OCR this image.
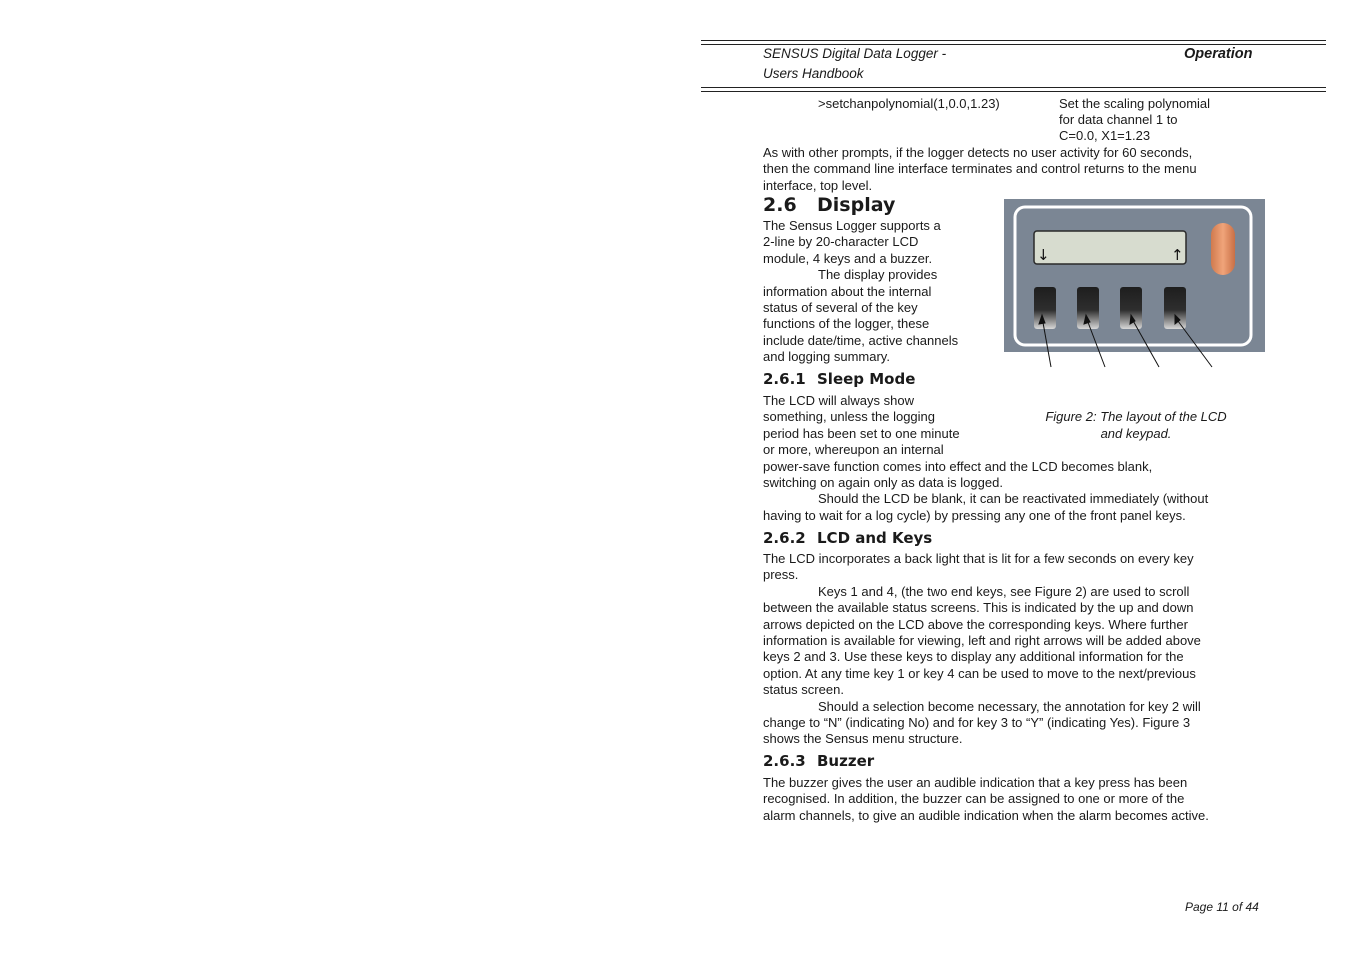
SENSUS Digital Data Logger -
Users Handbook
Operation
>setchanpolynomial(1,0.0,1.23)	Set the scaling polynomial
for data channel 1 to
C=0.0, X1=1.23
As with other prompts, if the logger detects no user activity for 60 seconds,
then the command line interface terminates and control returns to the menu
interface, top level.
2.6 Display
The Sensus Logger supports a
2-line by 20-character LCD
module, 4 keys and a buzzer.
The display provides
information about the internal
status of several of the key
functions of the logger, these
include date/time, active channels
and logging summary.
↓	↑
Figure 2: The layout of the LCD
and keypad.
2.6.1 Sleep Mode
The LCD will always show
something, unless the logging
period has been set to one minute
or more, whereupon an internal
power-save function comes into effect and the LCD becomes blank,
switching on again only as data is logged.
Should the LCD be blank, it can be reactivated immediately (without
having to wait for a log cycle) by pressing any one of the front panel keys.
2.6.2 LCD and Keys
The LCD incorporates a back light that is lit for a few seconds on every key
press.
Keys 1 and 4, (the two end keys, see Figure 2) are used to scroll
between the available status screens. This is indicated by the up and down
arrows depicted on the LCD above the corresponding keys. Where further
information is available for viewing, left and right arrows will be added above
keys 2 and 3. Use these keys to display any additional information for the
option. At any time key 1 or key 4 can be used to move to the next/previous
status screen.
Should a selection become necessary, the annotation for key 2 will
change to “N” (indicating No) and for key 3 to “Y” (indicating Yes). Figure 3
shows the Sensus menu structure.
2.6.3 Buzzer
The buzzer gives the user an audible indication that a key press has been
recognised. In addition, the buzzer can be assigned to one or more of the
alarm channels, to give an audible indication when the alarm becomes active.
Page 11 of 44
